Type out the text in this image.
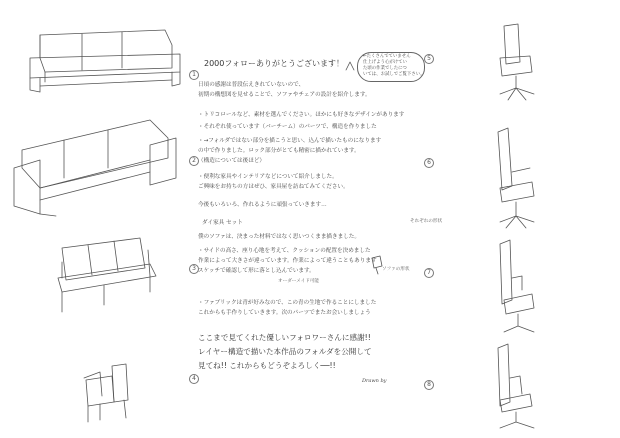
1
2
3
4
5
6
7
8
←たくさんでていません
仕上げよう心がけてい
た頃の作業でしたにつ
いては、お試しでご覧下さい。
2000フォローありがとうございます！
日頃の感謝は普段伝えきれていないので、
初期の構想図を見せることで、ソファやチェアの設計を紹介します。
・トリコロールなど、素材を選んでください。ほかにも好きなデザインがあります
・それぞれ使っています（バーチーム）のパーツで、構造を作りました
・→フォルダではない部分を描こうと思い、込んで描いたものになります
の中で作りました。ロック部分がとても精密に描かれています。
（構造については後ほど）
・便利な家具やインテリアなどについて紹介しました。
ご興味をお持ちの方はぜひ、家具屋を訪ねてみてください。
今後もいろいろ、作れるように頑張っていきます…
ダイ家具 セット
僕のソファは、決まった材料ではなく思いつくまま描きました。
・サイドの高さ、座り心地を考えて、クッションの配置を決めました
作業によって大きさが違っています。作業によって違うこともあります
スケッチで確認して形に落とし込んでいます。
オーダーメイド可能
それぞれの形状
ソファの形状
・ファブリックは青が好みなので、この青の生地で作ることにしました
これからも手作りしていきます。次のパーツでまたお会いしましょう
ここまで見てくれた優しいフォロワーさんに感謝!!
レイヤー構造で描いた本作品のフォルダを公開して
見てね!! これからもどうぞよろしく──!!
Drawn by
